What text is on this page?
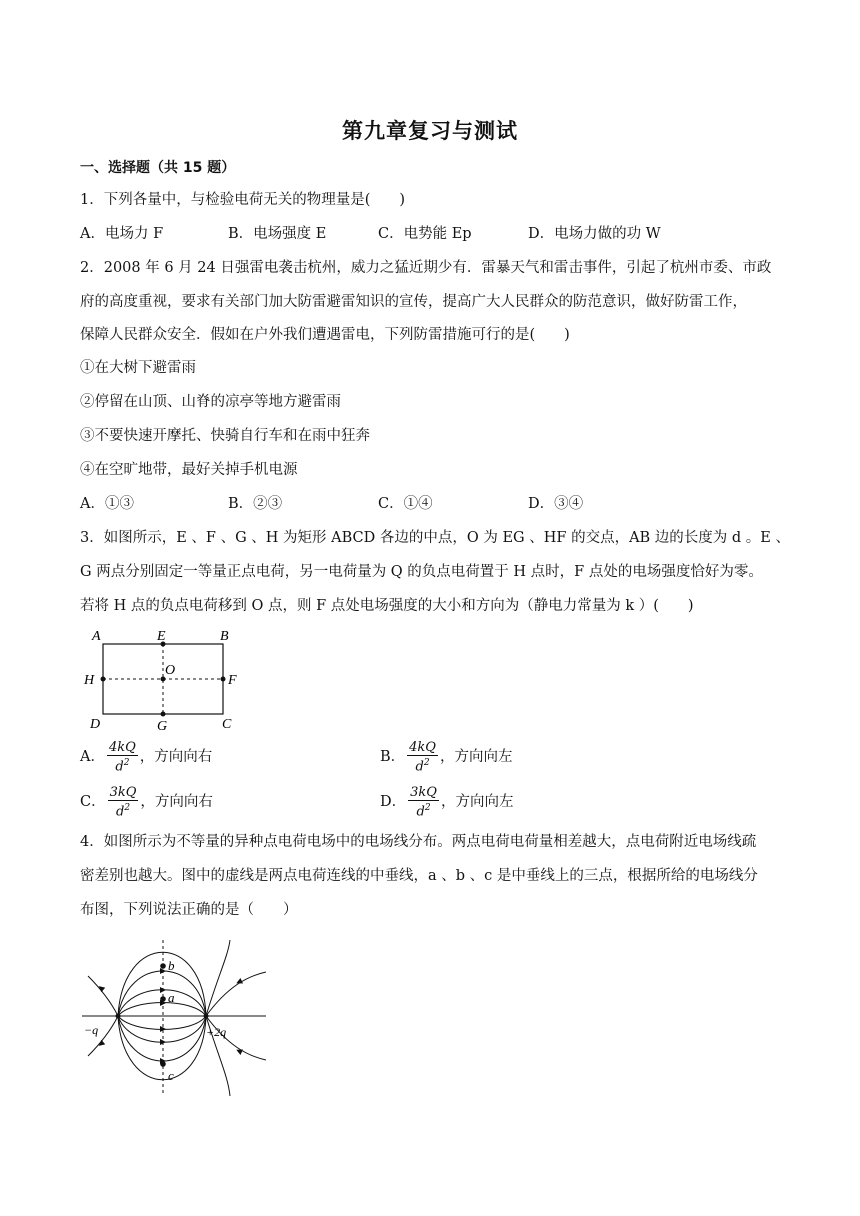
第九章复习与测试
一、选择题（共 15 题）
1．下列各量中，与检验电荷无关的物理量是(　　)
A．电场力 F	B．电场强度 E	C．电势能 Ep	D．电场力做的功 W
2．2008 年 6 月 24 日强雷电袭击杭州，威力之猛近期少有．雷暴天气和雷击事件，引起了杭州市委、市政
府的高度重视，要求有关部门加大防雷避雷知识的宣传，提高广大人民群众的防范意识，做好防雷工作，
保障人民群众安全．假如在户外我们遭遇雷电，下列防雷措施可行的是(　　)
①在大树下避雷雨
②停留在山顶、山脊的凉亭等地方避雷雨
③不要快速开摩托、快骑自行车和在雨中狂奔
④在空旷地带，最好关掉手机电源
A．①③	B．②③	C．①④	D．③④
3．如图所示，E 、F 、G 、H 为矩形 ABCD 各边的中点，O 为 EG 、HF 的交点，AB 边的长度为 d 。E 、
G 两点分别固定一等量正点电荷，另一电荷量为 Q 的负点电荷置于 H 点时，F 点处的电场强度恰好为零。
若将 H 点的负点电荷移到 O 点，则 F 点处电场强度的大小和方向为（静电力常量为 k ）(　　)
A	E	B
H
O
F
D	G	C
A． $\frac{4kQ}{d^2}$ ，方向向右	B． $\frac{4kQ}{d^2}$ ，方向向左
C． $\frac{3kQ}{d^2}$ ，方向向右	D． $\frac{3kQ}{d^2}$ ，方向向左
4．如图所示为不等量的异种点电荷电场中的电场线分布。两点电荷电荷量相差越大，点电荷附近电场线疏
密差别也越大。图中的虚线是两点电荷连线的中垂线，a 、b 、c 是中垂线上的三点，根据所给的电场线分
布图，下列说法正确的是（　　）
b
a
−q	+2q
c
